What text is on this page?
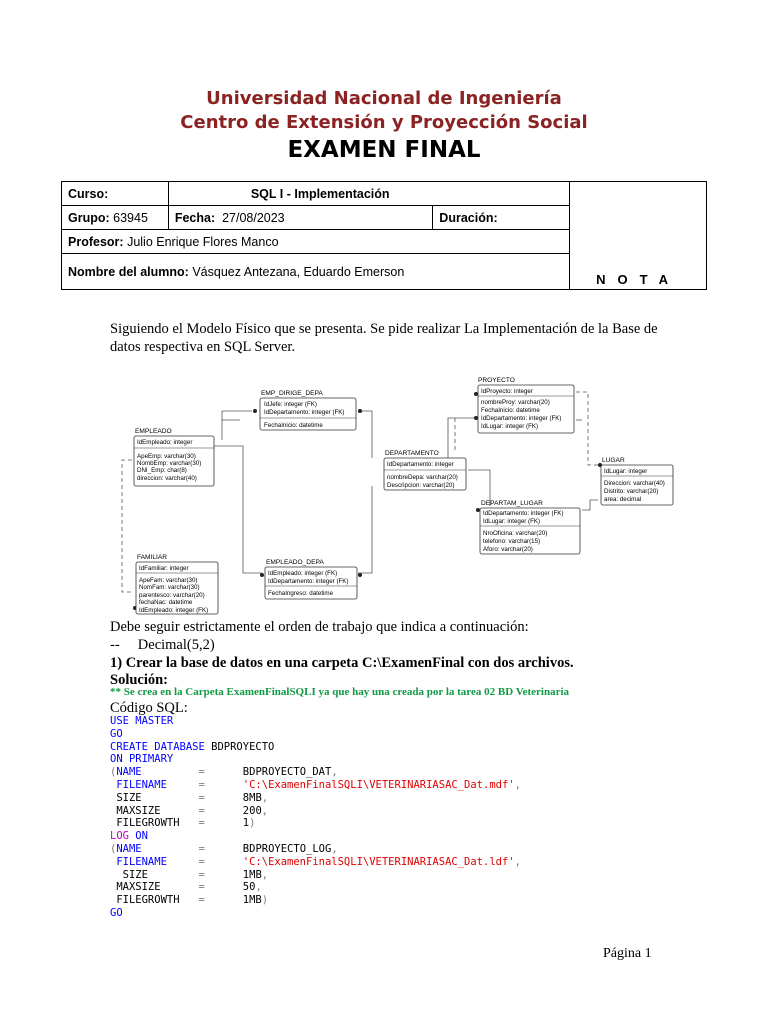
Universidad Nacional de Ingeniería
Centro de Extensión y Proyección Social
EXAMEN FINAL
Curso:	SQL I - Implementación		NOTA
Grupo: 63945	Fecha: 27/08/2023	Duración:	
Profesor: Julio Enrique Flores Manco			
Nombre del alumno: Vásquez Antezana, Eduardo Emerson			
Siguiendo el Modelo Físico que se presenta. Se pide realizar La Implementación de la Base de datos respectiva en SQL Server.
EMP_DIRIGE_DEPA
IdJefe: integer (FK)
IdDepartamento: integer (FK)
FechaInicio: datetime
PROYECTO
IdProyecto: integer
nombreProy: varchar(20)
FechaInicio: datetime
IdDepartamento: integer (FK)
IdLugar: integer (FK)
EMPLEADO
IdEmpleado: integer
ApeEmp: varchar(30)
NombEmp: varchar(30)
DNI_Emp: char(8)
direccion: varchar(40)
DEPARTAMENTO
IdDepartamento: integer
nombreDepa: varchar(20)
Descripcion: varchar(20)
LUGAR
IdLugar: integer
Direccion: varchar(40)
Distrito: varchar(20)
area: decimal
DEPARTAM_LUGAR
IdDepartamento: integer (FK)
IdLugar: integer (FK)
NroOficina: varchar(20)
telefono: varchar(15)
Aforo: varchar(20)
FAMILIAR
IdFamiliar: integer
ApeFam: varchar(30)
NomFam: varchar(30)
parentesco: varchar(20)
fechaNac: datetime
IdEmpleado: integer (FK)
EMPLEADO_DEPA
IdEmpleado: integer (FK)
IdDepartamento: integer (FK)
FechaIngreso: datetime
Debe seguir estrictamente el orden de trabajo que indica a continuación:
--     Decimal(5,2)
1) Crear la base de datos en una carpeta C:\ExamenFinal con dos archivos.
Solución:
** Se crea en la Carpeta ExamenFinalSQLI ya que hay una creada por la tarea 02 BD Veterinaria
Código SQL:
USE MASTER
GO
CREATE DATABASE BDPROYECTO
ON PRIMARY
(NAME	=	BDPROYECTO_DAT,
FILENAME	=	'C:\ExamenFinalSQLI\VETERINARIASAC_Dat.mdf',
SIZE	=	8MB,
MAXSIZE	=	200,
FILEGROWTH =	1)
LOG ON
(NAME	=	BDPROYECTO_LOG,
FILENAME	=	'C:\ExamenFinalSQLI\VETERINARIASAC_Dat.ldf',
SIZE	=	1MB,
MAXSIZE	=	50,
FILEGROWTH =	1MB)
GO
Página 1
